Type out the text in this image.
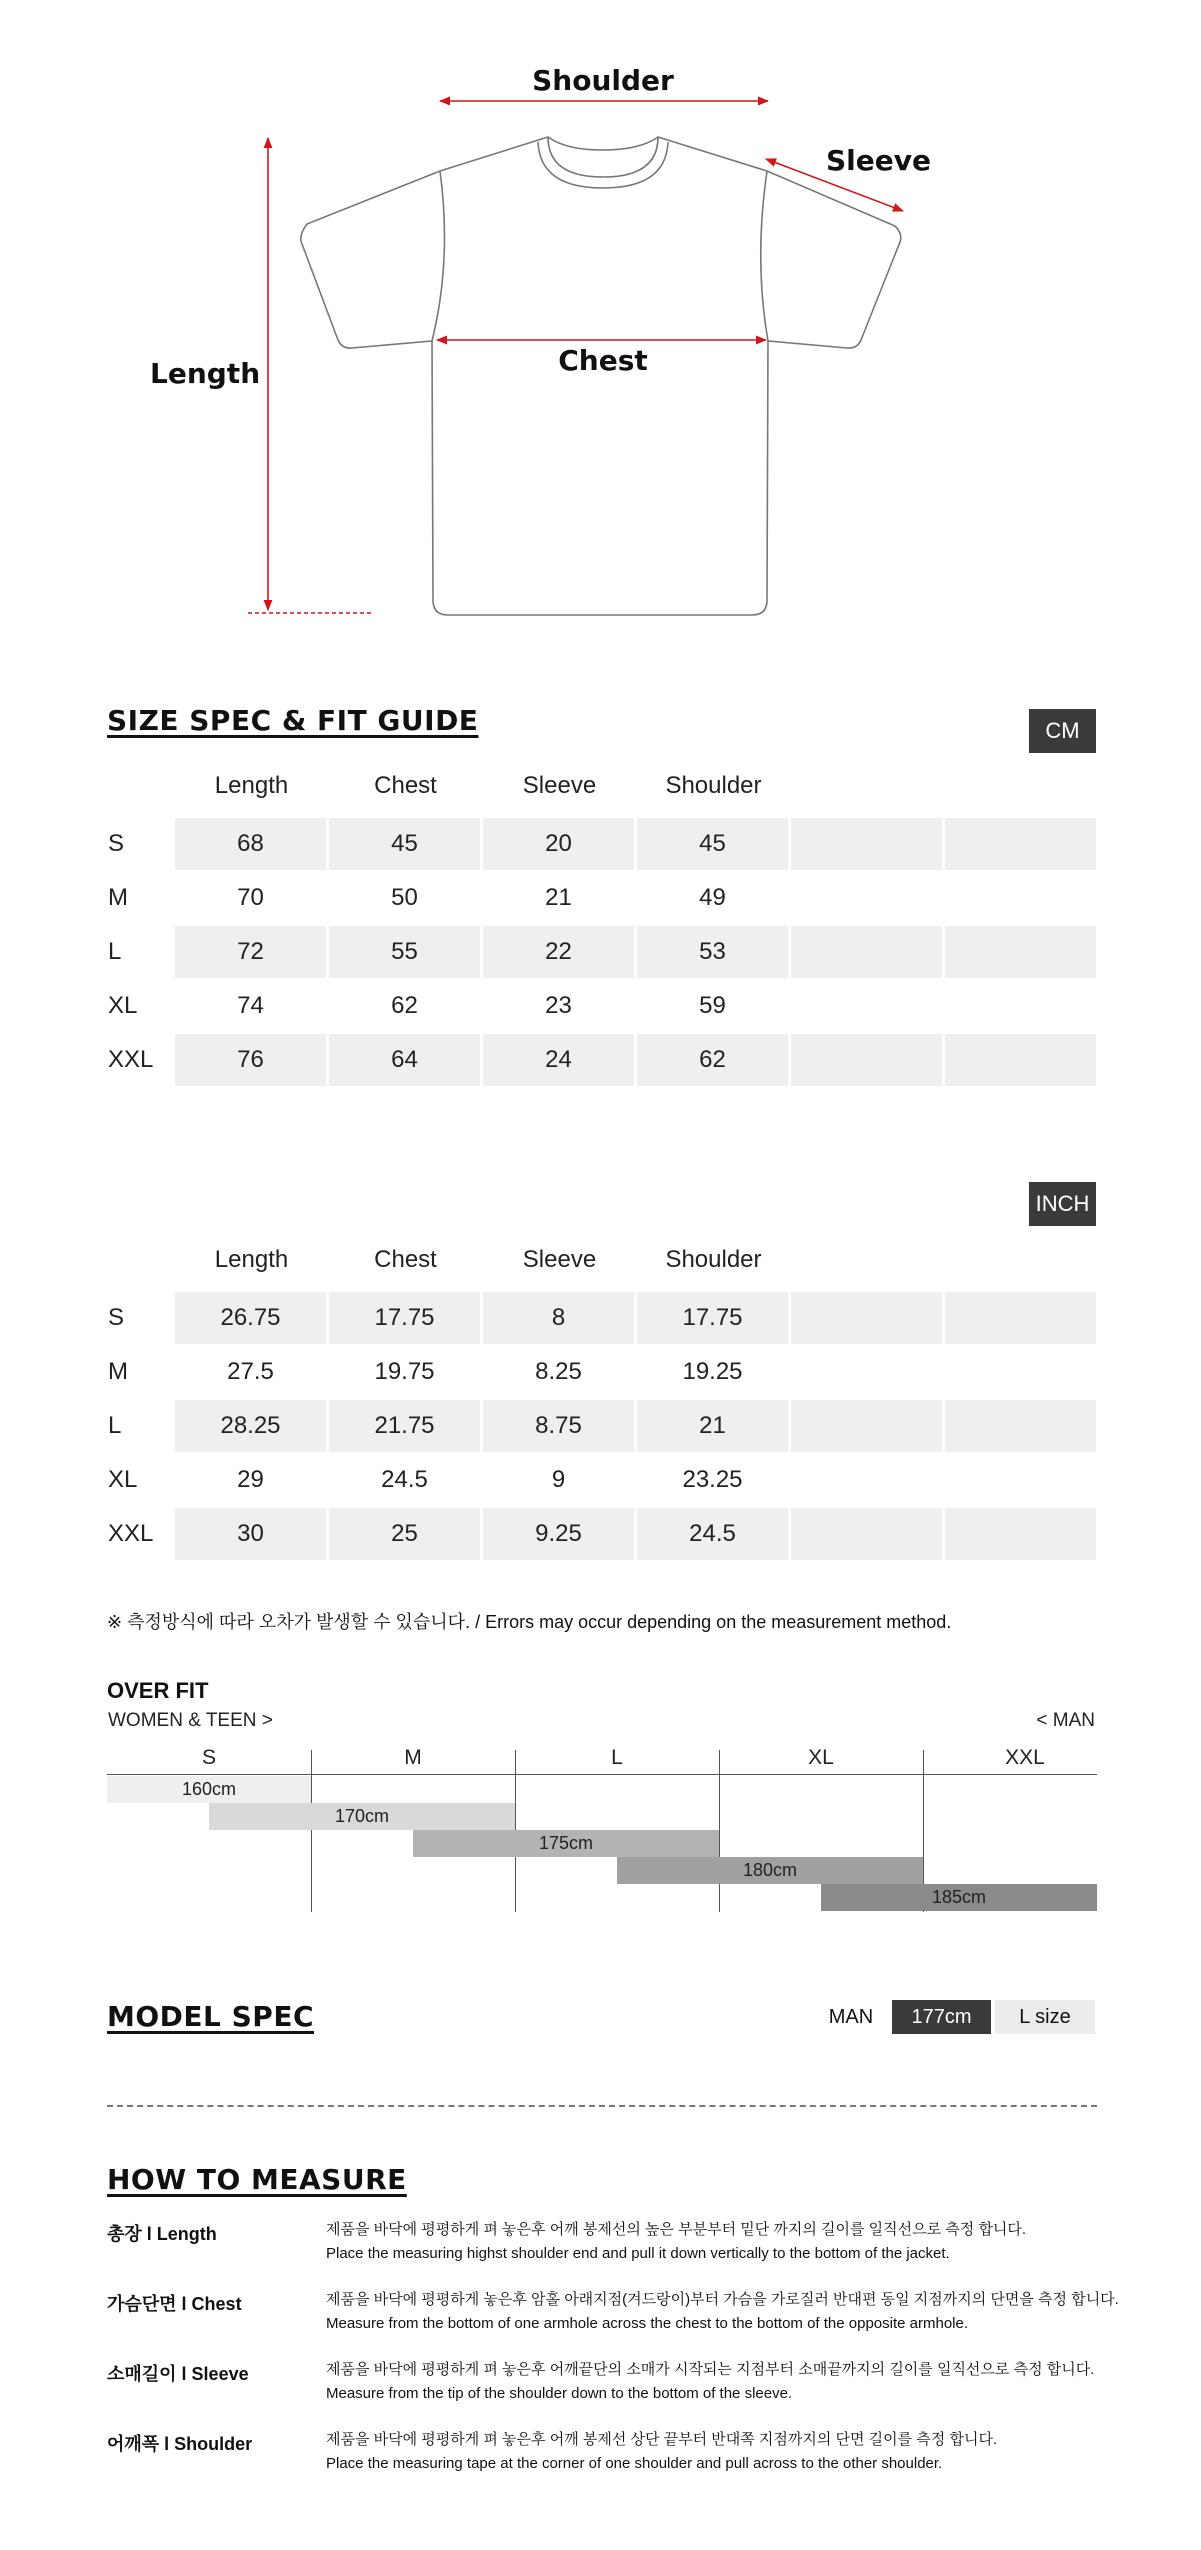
Shoulder
Sleeve
Chest
Length
SIZE SPEC & FIT GUIDE	CM
Length	Chest	Sleeve	Shoulder
S	68	45	20	45
M	70	50	21	49
L	72	55	22	53
XL	74	62	23	59
XXL	76	64	24	62
INCH
Length	Chest	Sleeve	Shoulder
S	26.75	17.75	8	17.75
M	27.5	19.75	8.25	19.25
L	28.25	21.75	8.75	21
XL	29	24.5	9	23.25
XXL	30	25	9.25	24.5
※ 측정방식에 따라 오차가 발생할 수 있습니다. / Errors may occur depending on the measurement method.
OVER FIT
WOMEN & TEEN >	< MAN
S	M	L	XL	XXL
160cm
170cm
175cm
180cm
185cm
MODEL SPEC	MAN	177cm	L size
HOW TO MEASURE
총장 l Length	제품을 바닥에 평평하게 펴 놓은후 어깨 봉제선의 높은 부분부터 밑단 까지의 길이를 일직선으로 측정 합니다.
Place the measuring highst shoulder end and pull it down vertically to the bottom of the jacket.
가슴단면 l Chest	제품을 바닥에 평평하게 놓은후 암홀 아래지점(겨드랑이)부터 가슴을 가로질러 반대편 동일 지점까지의 단면을 측정 합니다.
Measure from the bottom of one armhole across the chest to the bottom of the opposite armhole.
소매길이 l Sleeve	제품을 바닥에 평평하게 펴 놓은후 어깨끝단의 소매가 시작되는 지점부터 소매끝까지의 길이를 일직선으로 측정 합니다.
Measure from the tip of the shoulder down to the bottom of the sleeve.
어깨폭 l Shoulder	제품을 바닥에 평평하게 펴 놓은후 어깨 봉제선 상단 끝부터 반대쪽 지점까지의 단면 길이를 측정 합니다.
Place the measuring tape at the corner of one shoulder and pull across to the other shoulder.
